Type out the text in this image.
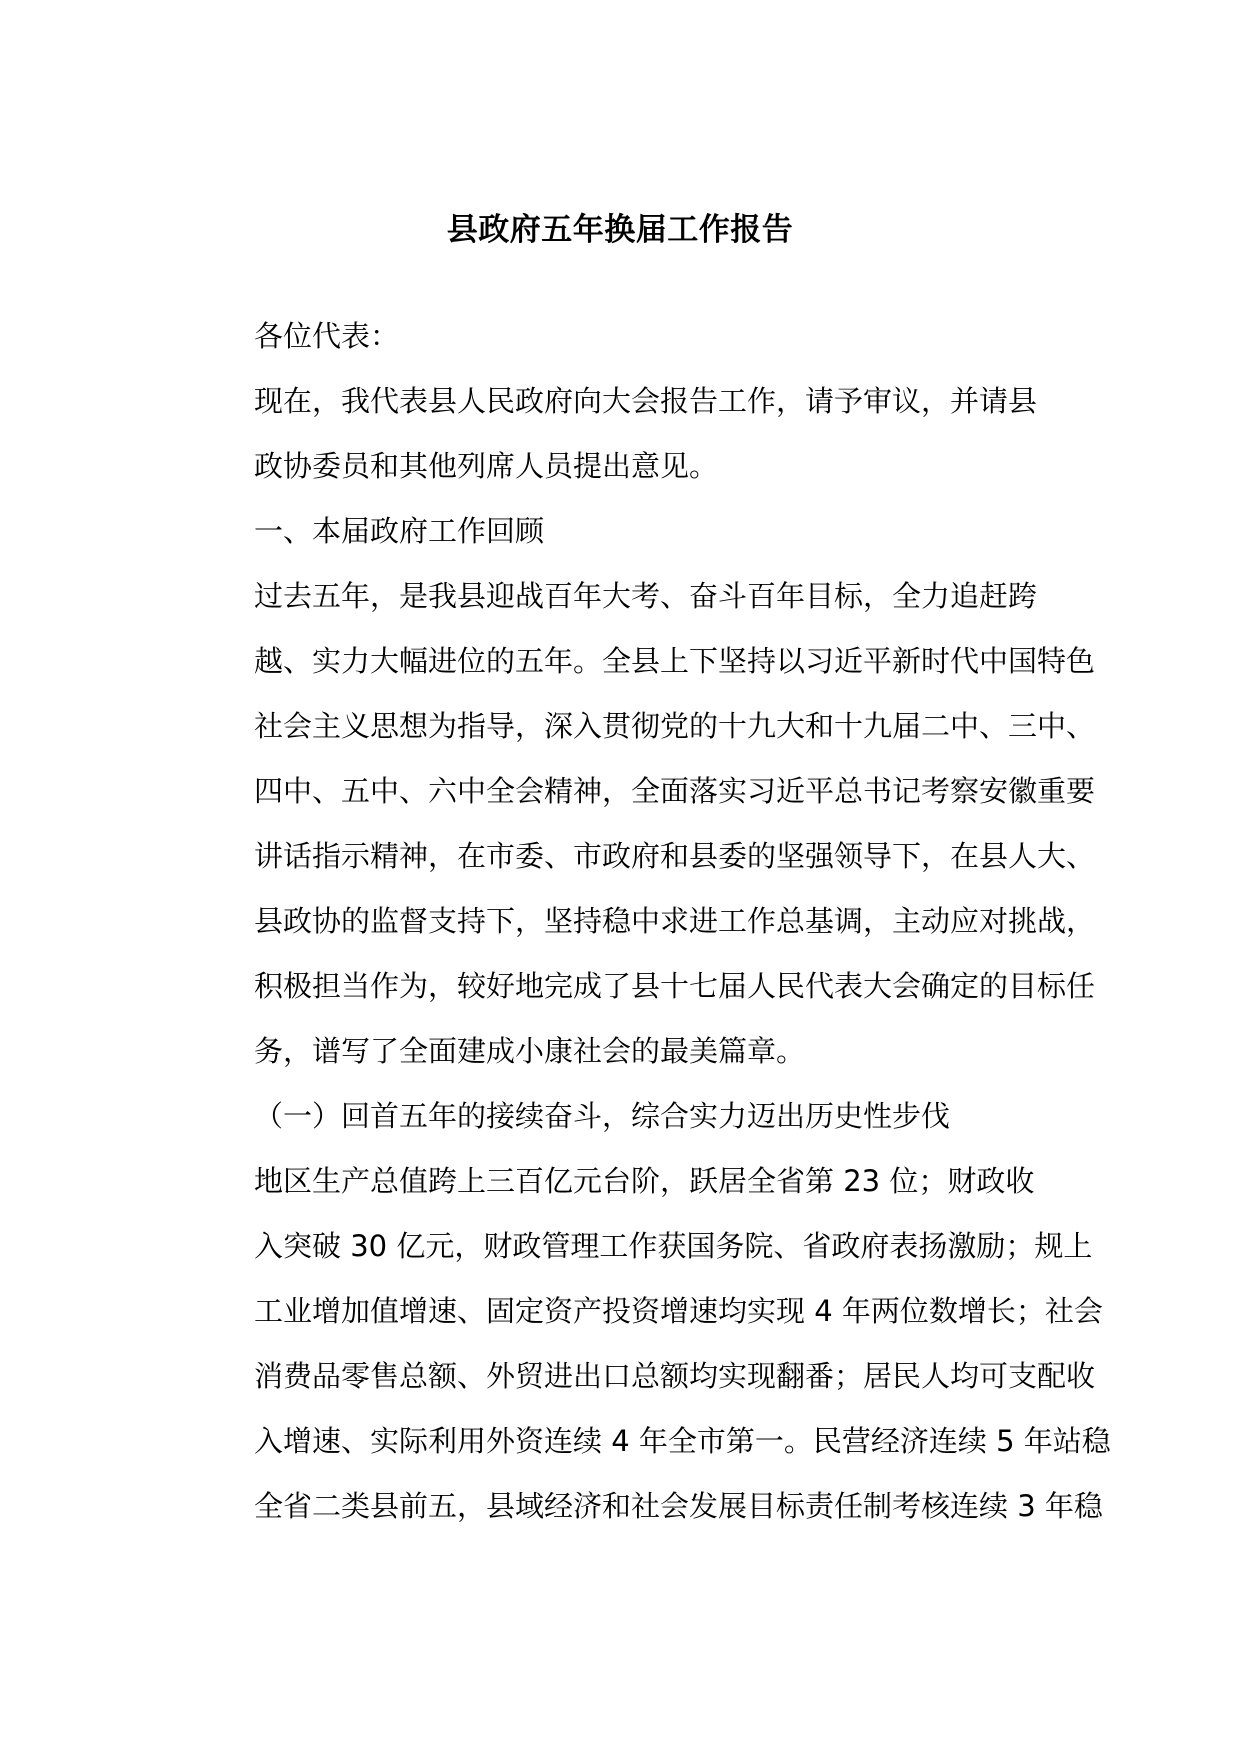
县政府五年换届工作报告

各位代表：

现在，我代表县人民政府向大会报告工作，请予审议，并请县
政协委员和其他列席人员提出意见。

一、本届政府工作回顾

过去五年，是我县迎战百年大考、奋斗百年目标，全力追赶跨
越、实力大幅进位的五年。全县上下坚持以习近平新时代中国特色
社会主义思想为指导，深入贯彻党的十九大和十九届二中、三中、
四中、五中、六中全会精神，全面落实习近平总书记考察安徽重要
讲话指示精神，在市委、市政府和县委的坚强领导下，在县人大、
县政协的监督支持下，坚持稳中求进工作总基调，主动应对挑战，
积极担当作为，较好地完成了县十七届人民代表大会确定的目标任
务，谱写了全面建成小康社会的最美篇章。

（一）回首五年的接续奋斗，综合实力迈出历史性步伐

地区生产总值跨上三百亿元台阶，跃居全省第 23 位；财政收
入突破 30 亿元，财政管理工作获国务院、省政府表扬激励；规上
工业增加值增速、固定资产投资增速均实现 4 年两位数增长；社会
消费品零售总额、外贸进出口总额均实现翻番；居民人均可支配收
入增速、实际利用外资连续 4 年全市第一。民营经济连续 5 年站稳
全省二类县前五，县域经济和社会发展目标责任制考核连续 3 年稳
